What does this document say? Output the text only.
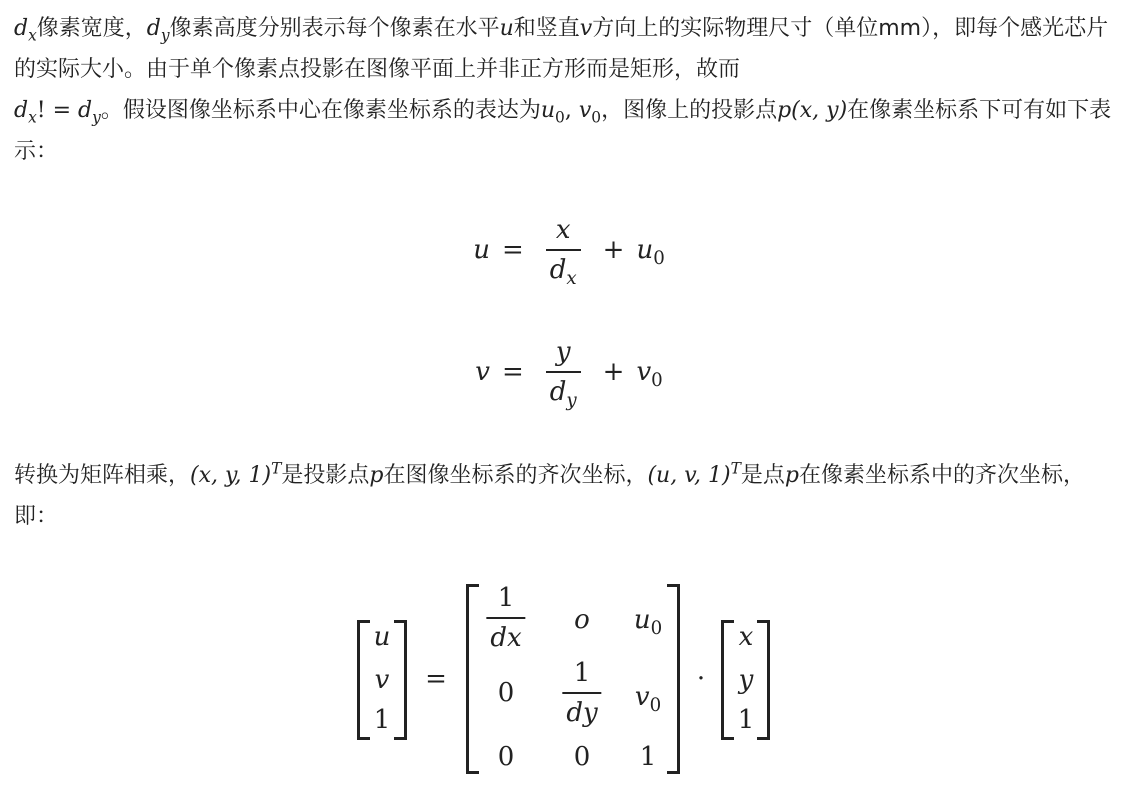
$d_x$像素宽度，$d_y$像素高度分别表示每个像素在水平u和竖直v方向上的实际物理尺寸（单位mm），即每个感光芯片的实际大小。由于单个像素点投影在图像平面上并非正方形而是矩形，故而
$d_x$! = $d_y$。假设图像坐标系中心在像素坐标系的表达为$u_0$, $v_0$，图像上的投影点p(x, y)在像素坐标系下可有如下表示：

$u = \frac{x}{d_x} + u_0$
$v = \frac{y}{d_y} + v_0$

转换为矩阵相乘，(x, y, 1)$^T$是投影点p在图像坐标系的齐次坐标，(u, v, 1)$^T$是点p在像素坐标系中的齐次坐标，即：

u
v
1
=
$\frac{1}{dx}$ o $u_0$
$0 \frac{1}{dy} v_0$
0 0 1
·
x
y
1
